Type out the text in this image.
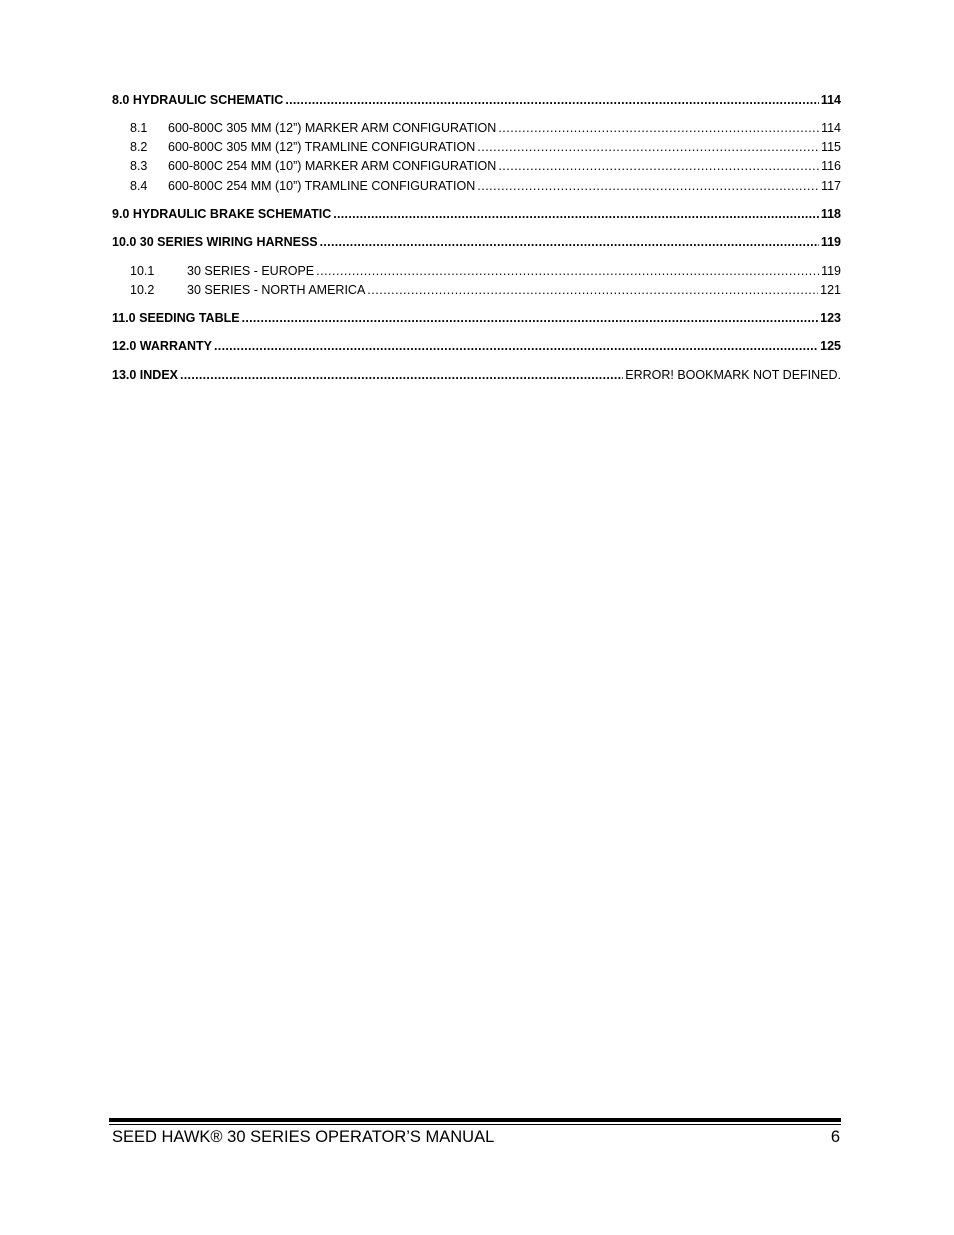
8.0 HYDRAULIC SCHEMATIC .....	114
8.1	600-800C 305 MM (12”) MARKER ARM CONFIGURATION .....	114
8.2	600-800C 305 MM (12”) TRAMLINE CONFIGURATION .....	115
8.3	600-800C 254 MM (10”) MARKER ARM CONFIGURATION .....	116
8.4	600-800C 254 MM (10”) TRAMLINE CONFIGURATION .....	117
9.0 HYDRAULIC BRAKE SCHEMATIC .....	118
10.0 30 SERIES WIRING HARNESS .....	119
10.1	30 SERIES - EUROPE .....	119
10.2	30 SERIES - NORTH AMERICA .....	121
11.0 SEEDING TABLE .....	123
12.0 WARRANTY .....	125
13.0 INDEX .....	ERROR! BOOKMARK NOT DEFINED.
SEED HAWK® 30 SERIES OPERATOR’S MANUAL	6
